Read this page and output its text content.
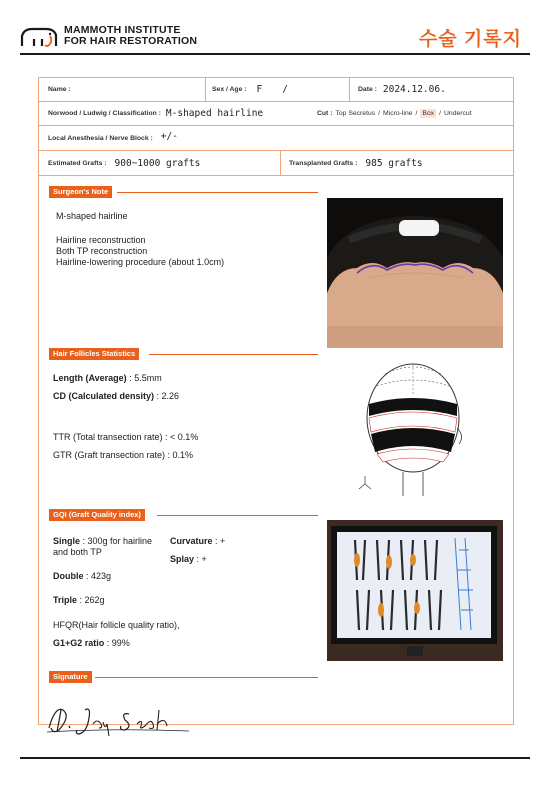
MAMMOTH INSTITUTE
FOR HAIR RESTORATION	수술 기록지
Name :	Sex / Age : F /	Date : 2024.12.06.
Norwood / Ludwig / Classification : M-shaped hairline	Cut : Top Secretus / Micro-line / Box / Undercut
Local Anesthesia / Nerve Block : +/-
Estimated Grafts : 900~1000 grafts	Transplanted Grafts : 985 grafts
Surgeon's Note
M-shaped hairline
Hairline reconstruction
Both TP reconstruction
Hairline-lowering procedure (about 1.0cm)
Hair Follicles Statistics
Length (Average) : 5.5mm
CD (Calculated density) : 2.26
TTR (Total transection rate) : < 0.1%
GTR (Graft transection rate) : 0.1%
GQI (Graft Quality index)
Single : 300g for hairline
and both TP
Curvature : +
Splay : +
Double : 423g
Triple : 262g
HFQR(Hair follicle quality ratio),
G1+G2 ratio : 99%
Signature
